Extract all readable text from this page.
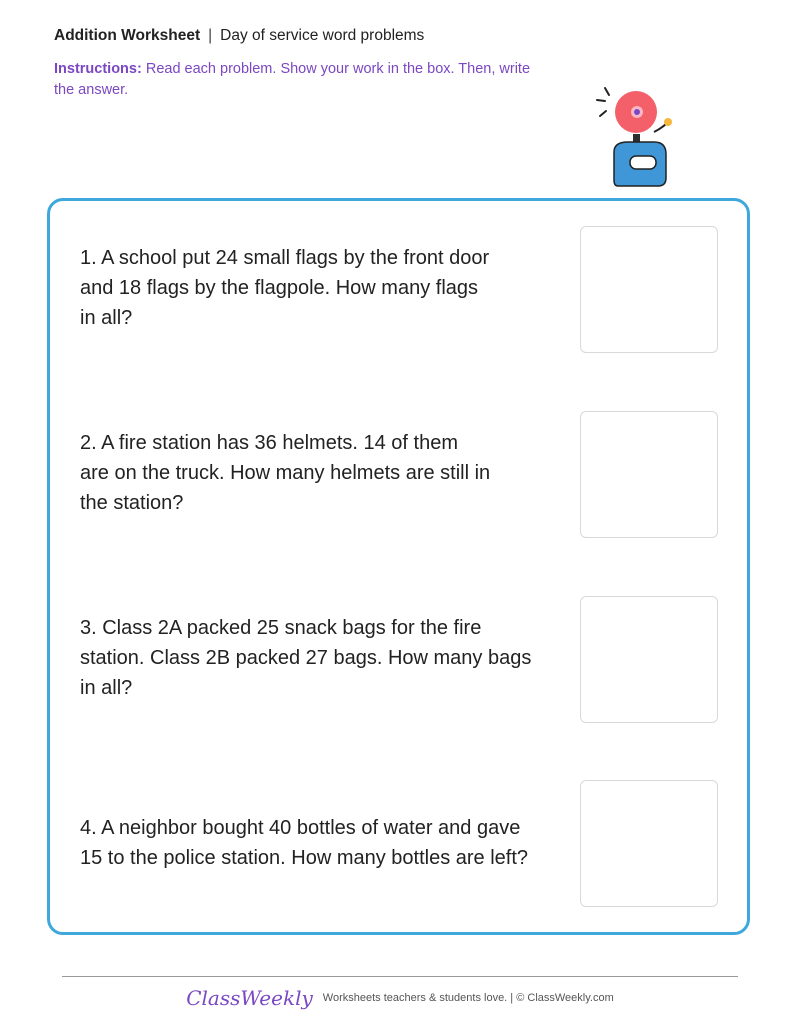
Addition Worksheet | Day of service word problems
Instructions: Read each problem. Show your work in the box. Then, write the answer.
1. A school put 24 small flags by the front door
and 18 flags by the flagpole. How many flags
in all?
2. A fire station has 36 helmets. 14 of them
are on the truck. How many helmets are still in
the station?
3. Class 2A packed 25 snack bags for the fire
station. Class 2B packed 27 bags. How many bags
in all?
4. A neighbor bought 40 bottles of water and gave
15 to the police station. How many bottles are left?
ClassWeekly Worksheets teachers & students love. | © ClassWeekly.com
